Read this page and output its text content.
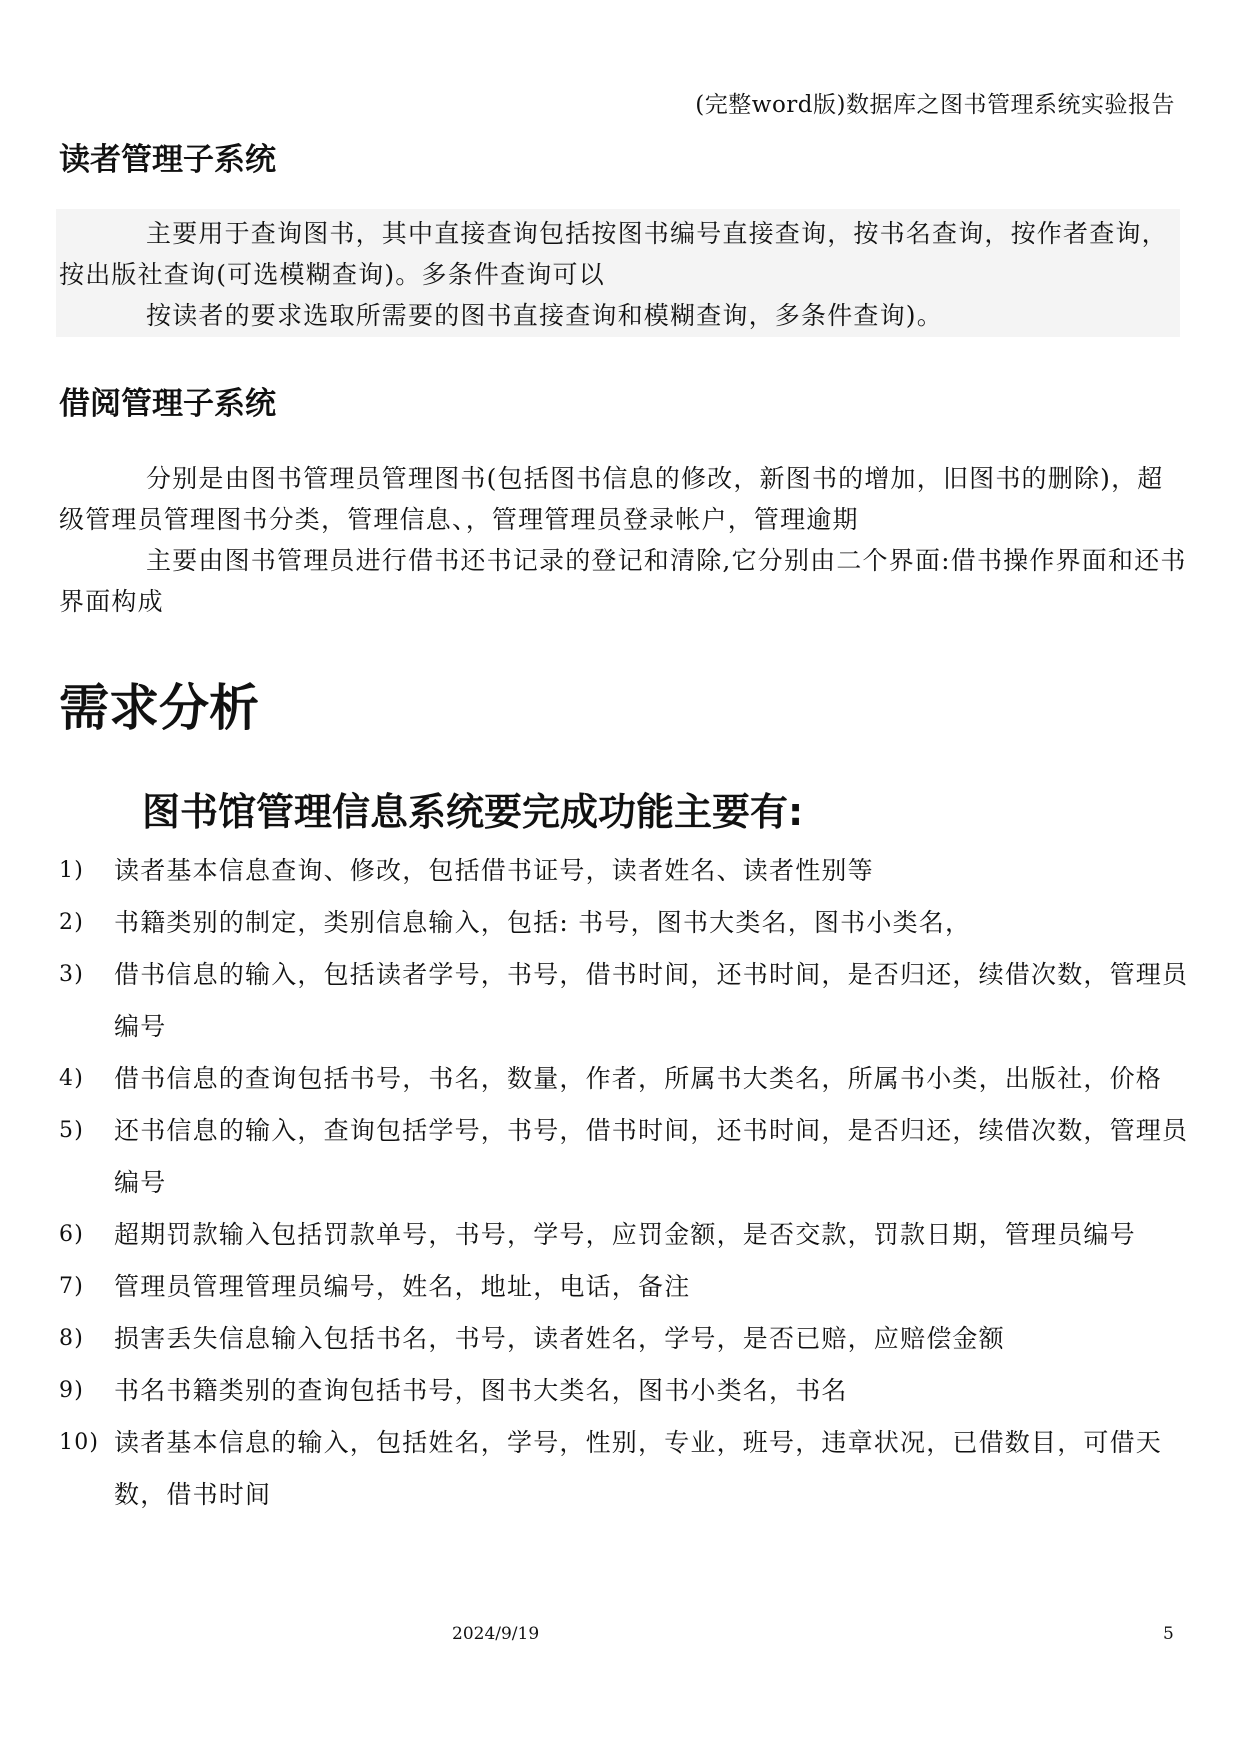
(完整word版)数据库之图书管理系统实验报告
读者管理子系统

主要用于查询图书，其中直接查询包括按图书编号直接查询，按书名查询，按作者查询，按出版社查询(可选模糊查询)。多条件查询可以

按读者的要求选取所需要的图书直接查询和模糊查询，多条件查询)。

借阅管理子系统

分别是由图书管理员管理图书(包括图书信息的修改，新图书的增加，旧图书的删除)，超级管理员管理图书分类，管理信息、，管理管理员登录帐户，管理逾期

主要由图书管理员进行借书还书记录的登记和清除,它分别由二个界面:借书操作界面和还书界面构成

需求分析
图书馆管理信息系统要完成功能主要有:
1) 读者基本信息查询、修改，包括借书证号，读者姓名、读者性别等
2) 书籍类别的制定，类别信息输入，包括: 书号，图书大类名，图书小类名，
3) 借书信息的输入，包括读者学号，书号，借书时间，还书时间，是否归还，续借次数，管理员编号
4) 借书信息的查询包括书号，书名，数量，作者，所属书大类名，所属书小类，出版社，价格
5) 还书信息的输入，查询包括学号，书号，借书时间，还书时间，是否归还，续借次数，管理员编号
6) 超期罚款输入包括罚款单号，书号，学号，应罚金额，是否交款，罚款日期，管理员编号
7) 管理员管理管理员编号，姓名，地址，电话，备注
8) 损害丢失信息输入包括书名，书号，读者姓名，学号，是否已赔，应赔偿金额
9) 书名书籍类别的查询包括书号，图书大类名，图书小类名，书名
10) 读者基本信息的输入，包括姓名，学号，性别，专业，班号，违章状况，已借数目，可借天数，借书时间
2024/9/19	5
